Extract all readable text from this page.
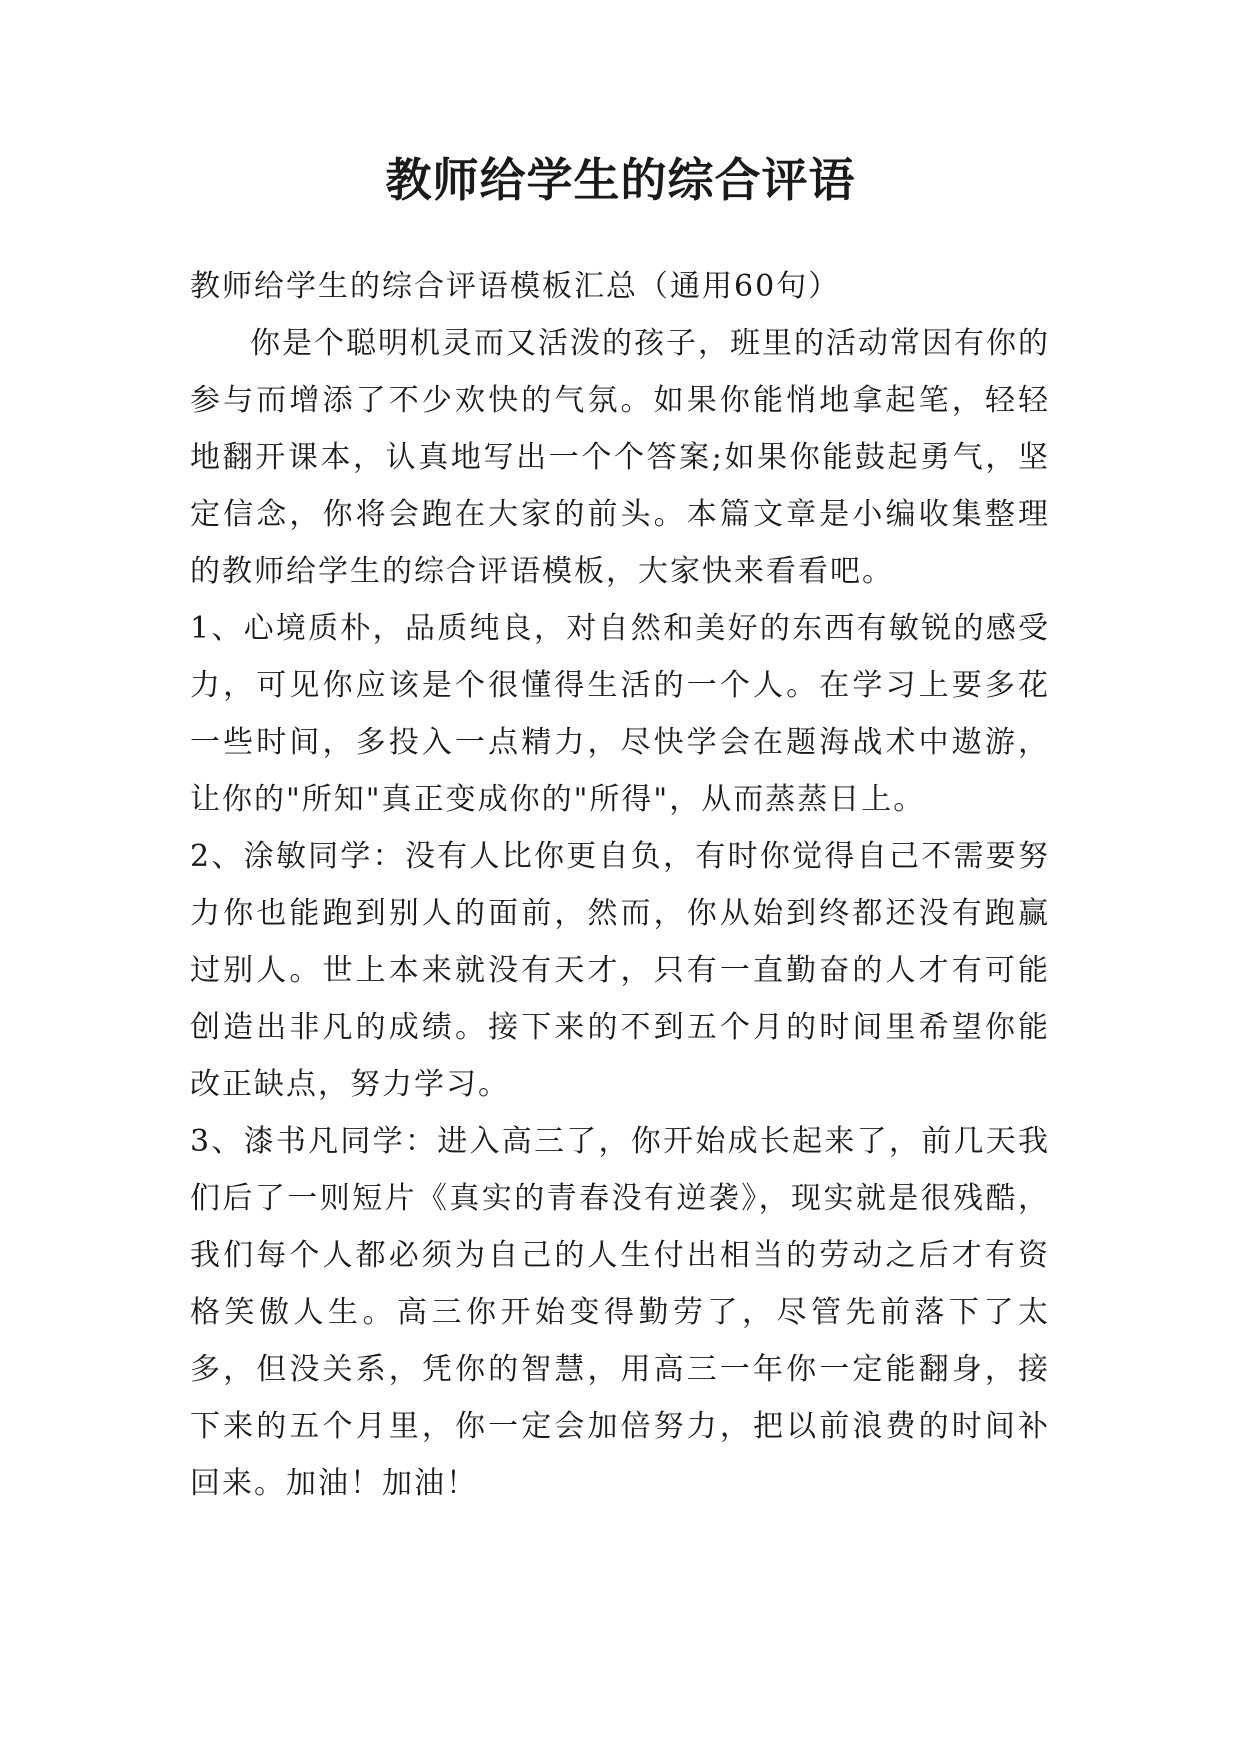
教师给学生的综合评语

教师给学生的综合评语模板汇总（通用60句）

你是个聪明机灵而又活泼的孩子，班里的活动常因有你的参与而增添了不少欢快的气氛。如果你能悄地拿起笔，轻轻地翻开课本，认真地写出一个个答案;如果你能鼓起勇气，坚定信念，你将会跑在大家的前头。本篇文章是小编收集整理的教师给学生的综合评语模板，大家快来看看吧。

1、心境质朴，品质纯良，对自然和美好的东西有敏锐的感受力，可见你应该是个很懂得生活的一个人。在学习上要多花一些时间，多投入一点精力，尽快学会在题海战术中遨游，让你的"所知"真正变成你的"所得"，从而蒸蒸日上。

2、涂敏同学：没有人比你更自负，有时你觉得自己不需要努力你也能跑到别人的面前，然而，你从始到终都还没有跑赢过别人。世上本来就没有天才，只有一直勤奋的人才有可能创造出非凡的成绩。接下来的不到五个月的时间里希望你能改正缺点，努力学习。

3、漆书凡同学：进入高三了，你开始成长起来了，前几天我们后了一则短片《真实的青春没有逆袭》，现实就是很残酷，我们每个人都必须为自己的人生付出相当的劳动之后才有资格笑傲人生。高三你开始变得勤劳了，尽管先前落下了太多，但没关系，凭你的智慧，用高三一年你一定能翻身，接下来的五个月里，你一定会加倍努力，把以前浪费的时间补回来。加油！加油！
